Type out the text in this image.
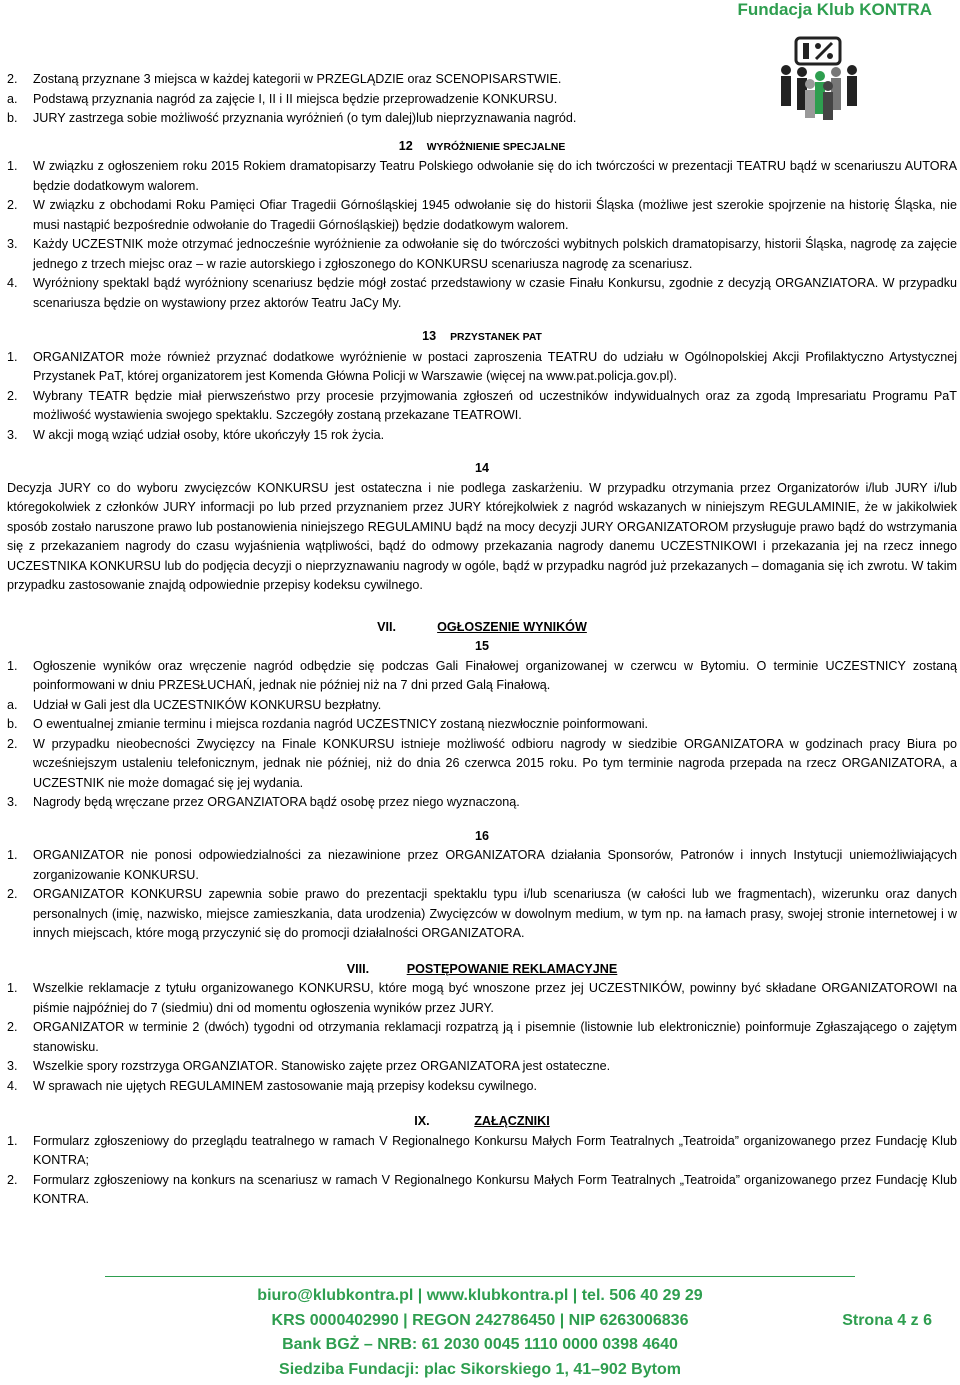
Fundacja Klub KONTRA
2.	Zostaną przyznane 3 miejsca w każdej kategorii w PRZEGLĄDZIE oraz SCENOPISARSTWIE.
a.	Podstawą przyznania nagród za zajęcie I, II i II miejsca będzie przeprowadzenie KONKURSU.
b.	JURY zastrzega sobie możliwość przyznania wyróżnień (o tym dalej)lub nieprzyznawania nagród.
12 WYRÓŻNIENIE SPECJALNE
1.	W związku z ogłoszeniem roku 2015 Rokiem dramatopisarzy Teatru Polskiego odwołanie się do ich twórczości w prezentacji TEATRU bądź w scenariuszu AUTORA będzie dodatkowym walorem.
2.	W związku z obchodami Roku Pamięci Ofiar Tragedii Górnośląskiej 1945 odwołanie się do historii Śląska (możliwe jest szerokie spojrzenie na historię Śląska, nie musi nastąpić bezpośrednie odwołanie do Tragedii Górnośląskiej) będzie dodatkowym walorem.
3.	Każdy UCZESTNIK może otrzymać jednocześnie wyróżnienie za odwołanie się do twórczości wybitnych polskich dramatopisarzy, historii Śląska, nagrodę za zajęcie jednego z trzech miejsc oraz – w razie autorskiego i zgłoszonego do KONKURSU scenariusza nagrodę za scenariusz.
4.	Wyróżniony spektakl bądź wyróżniony scenariusz będzie mógł zostać przedstawiony w czasie Finału Konkursu, zgodnie z decyzją ORGANZIATORA. W przypadku scenariusza będzie on wystawiony przez aktorów Teatru JaCy My.
13 PRZYSTANEK PAT
1.	ORGANIZATOR może również przyznać dodatkowe wyróżnienie w postaci zaproszenia TEATRU do udziału w Ogólnopolskiej Akcji Profilaktyczno Artystycznej Przystanek PaT, której organizatorem jest Komenda Główna Policji w Warszawie (więcej na www.pat.policja.gov.pl).
2.	Wybrany TEATR będzie miał pierwszeństwo przy procesie przyjmowania zgłoszeń od uczestników indywidualnych oraz za zgodą Impresariatu Programu PaT możliwość wystawienia swojego spektaklu. Szczegóły zostaną przekazane TEATROWI.
3.	W akcji mogą wziąć udział osoby, które ukończyły 15 rok życia.
14
Decyzja JURY co do wyboru zwycięzców KONKURSU jest ostateczna i nie podlega zaskarżeniu. W przypadku otrzymania przez Organizatorów i/lub JURY i/lub któregokolwiek z członków JURY informacji po lub przed przyznaniem przez JURY którejkolwiek z nagród wskazanych w niniejszym REGULAMINIE, że w jakikolwiek sposób zostało naruszone prawo lub postanowienia niniejszego REGULAMINU bądź na mocy decyzji JURY ORGANIZATOROM przysługuje prawo bądź do wstrzymania się z przekazaniem nagrody do czasu wyjaśnienia wątpliwości, bądź do odmowy przekazania nagrody danemu UCZESTNIKOWI i przekazania jej na rzecz innego UCZESTNIKA KONKURSU lub do podjęcia decyzji o nieprzyznawaniu nagrody w ogóle, bądź w przypadku nagród już przekazanych – domagania się ich zwrotu. W takim przypadku zastosowanie znajdą odpowiednie przepisy kodeksu cywilnego.
VII.	OGŁOSZENIE WYNIKÓW
15
1.	Ogłoszenie wyników oraz wręczenie nagród odbędzie się podczas Gali Finałowej organizowanej w czerwcu w Bytomiu. O terminie UCZESTNICY zostaną poinformowani w dniu PRZESŁUCHAŃ, jednak nie później niż na 7 dni przed Galą Finałową.
a.	Udział w Gali jest dla UCZESTNIKÓW KONKURSU bezpłatny.
b.	O ewentualnej zmianie terminu i miejsca rozdania nagród UCZESTNICY zostaną niezwłocznie poinformowani.
2.	W przypadku nieobecności Zwycięzcy na Finale KONKURSU istnieje możliwość odbioru nagrody w siedzibie ORGANIZATORA w godzinach pracy Biura po wcześniejszym ustaleniu telefonicznym, jednak nie później, niż do dnia 26 czerwca 2015 roku. Po tym terminie nagroda przepada na rzecz ORGANIZATORA, a UCZESTNIK nie może domagać się jej wydania.
3.	Nagrody będą wręczane przez ORGANZIATORA bądź osobę przez niego wyznaczoną.
16
1.	ORGANIZATOR nie ponosi odpowiedzialności za niezawinione przez ORGANIZATORA działania Sponsorów, Patronów i innych Instytucji uniemożliwiających zorganizowanie KONKURSU.
2.	ORGANIZATOR KONKURSU zapewnia sobie prawo do prezentacji spektaklu typu i/lub scenariusza (w całości lub we fragmentach), wizerunku oraz danych personalnych (imię, nazwisko, miejsce zamieszkania, data urodzenia) Zwycięzców w dowolnym medium, w tym np. na łamach prasy, swojej stronie internetowej i w innych miejscach, które mogą przyczynić się do promocji działalności ORGANIZATORA.
VIII.	POSTĘPOWANIE REKLAMACYJNE
1.	Wszelkie reklamacje z tytułu organizowanego KONKURSU, które mogą być wnoszone przez jej UCZESTNIKÓW, powinny być składane ORGANIZATOROWI na piśmie najpóźniej do 7 (siedmiu) dni od momentu ogłoszenia wyników przez JURY.
2.	ORGANIZATOR w terminie 2 (dwóch) tygodni od otrzymania reklamacji rozpatrzą ją i pisemnie (listownie lub elektronicznie) poinformuje Zgłaszającego o zajętym stanowisku.
3.	Wszelkie spory rozstrzyga ORGANZIATOR. Stanowisko zajęte przez ORGANIZATORA jest ostateczne.
4.	W sprawach nie ujętych REGULAMINEM zastosowanie mają przepisy kodeksu cywilnego.
IX.	ZAŁĄCZNIKI
1.	Formularz zgłoszeniowy do przeglądu teatralnego w ramach V Regionalnego Konkursu Małych Form Teatralnych „Teatroida” organizowanego przez Fundację Klub KONTRA;
2.	Formularz zgłoszeniowy na konkurs na scenariusz w ramach V Regionalnego Konkursu Małych Form Teatralnych „Teatroida” organizowanego przez Fundację Klub KONTRA.
biuro@klubkontra.pl | www.klubkontra.pl | tel. 506 40 29 29
KRS 0000402990 | REGON 242786450 | NIP 6263006836
Bank BGŻ – NRB: 61 2030 0045 1110 0000 0398 4640
Siedziba Fundacji: plac Sikorskiego 1, 41–902 Bytom
Strona 4 z 6
